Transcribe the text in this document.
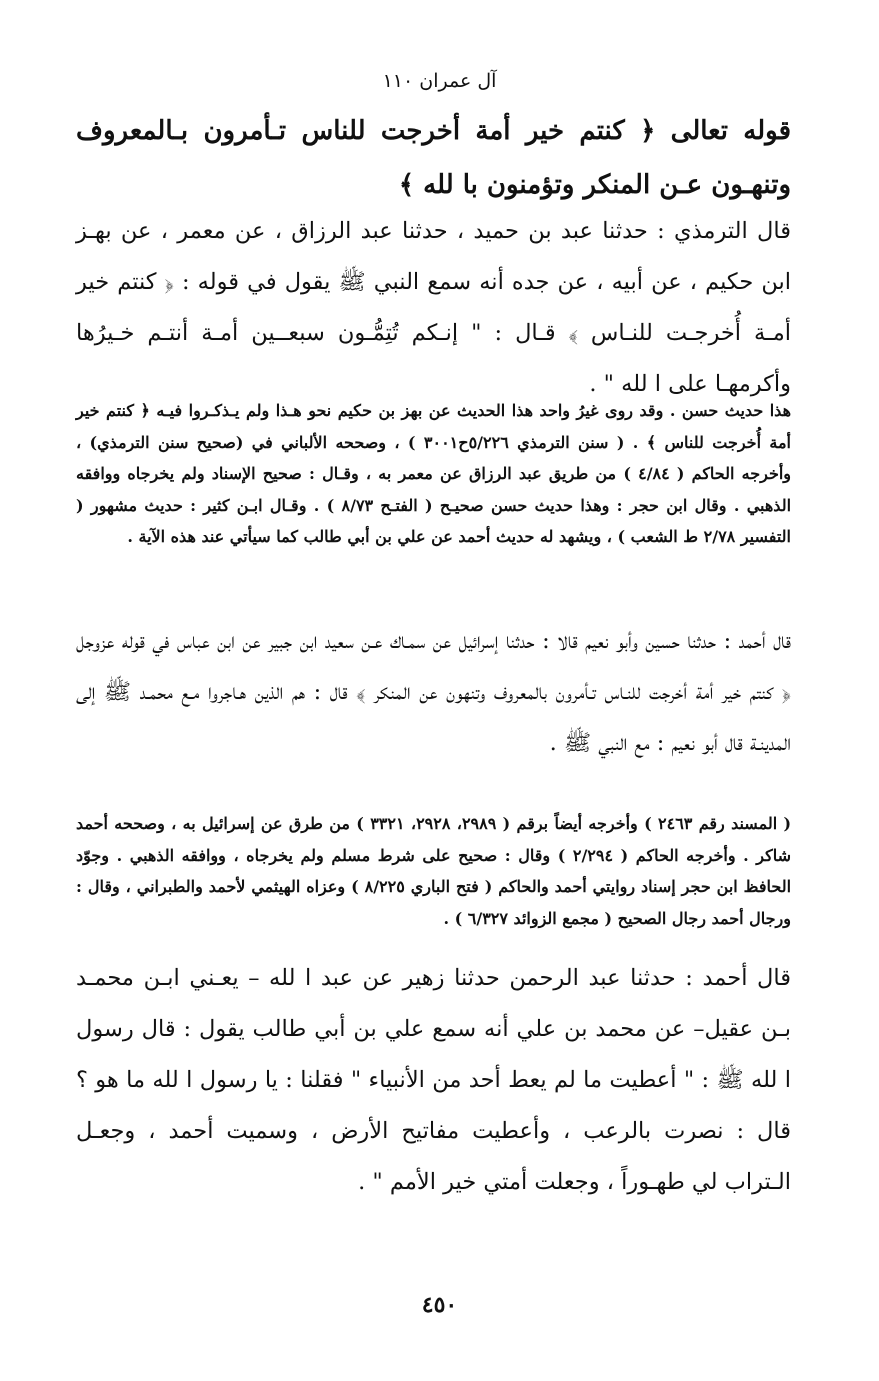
آل عمران ١١٠
قوله تعالى ﴿ كنتم خير أمة أخرجت للناس تـأمرون بـالمعروف وتنهـون عـن المنكر وتؤمنون با لله ﴾

قال الترمذي : حدثنا عبد بن حميد ، حدثنا عبد الرزاق ، عن معمر ، عن بهـز ابن حكيم ، عن أبيه ، عن جده أنه سمع النبي ﷺ يقول في قوله : ﴿ كنتم خير أمـة أُخرجـت للنـاس ﴾ قـال : " إنـكم تُتِمُّـون سبعــين أمـة أنتـم خـيرُها وأكرمهـا على ا لله " .

هذا حديث حسن . وقد روى غيرُ واحد هذا الحديث عن بهز بن حكيم نحو هـذا ولم يـذكـروا فيـه ﴿ كنتم خير أمة أُخرجت للناس ﴾ . ( سنن الترمذي ٥/٢٢٦ح٣٠٠١ ) ، وصححه الألباني في (صحيح سنن الترمذي) ، وأخرجه الحاكم ( ٤/٨٤ ) من طريق عبد الرزاق عن معمر به ، وقـال : صحيح الإسناد ولم يخرجاه ووافقه الذهبي . وقال ابن حجر : وهذا حديث حسن صحيـح ( الفتـح ٨/٧٣ ) . وقـال ابـن كثير : حديث مشهور ( التفسير ٢/٧٨ ط الشعب ) ، ويشهد له حديث أحمد عن علي بن أبي طالب كما سيأتي عند هذه الآية .

قال أحمد : حدثنا حسين وأبو نعيم قالا : حدثنا إسرائيل عن سمـاك عـن سعيد ابن جبير عن ابن عباس في قوله عزوجل ﴿ كنتم خير أمة أخرجت للنـاس تـأمرون بالمعروف وتنهون عن المنكر ﴾ قال : هم الذين هـاجروا مـع محمـد ﷺ إلى المدينـة قال أبو نعيم : مع النبي ﷺ .

( المسند رقم ٢٤٦٣ ) وأخرجه أيضاً برقم ( ٢٩٨٩، ٢٩٢٨، ٣٣٢١ ) من طرق عن إسرائيل به ، وصححه أحمد شاكر . وأخرجه الحاكم ( ٢/٢٩٤ ) وقال : صحيح على شرط مسلم ولم يخرجاه ، ووافقه الذهبي . وجوّد الحافظ ابن حجر إسناد روايتي أحمد والحاكم ( فتح الباري ٨/٢٢٥ ) وعزاه الهيثمي لأحمد والطبراني ، وقال : ورجال أحمد رجال الصحيح ( مجمع الزوائد ٦/٣٢٧ ) .

قال أحمد : حدثنا عبد الرحمن حدثنا زهير عن عبد ا لله – يعـني ابـن محمـد بـن عقيل– عن محمد بن علي أنه سمع علي بن أبي طالب يقول : قال رسول ا لله ﷺ : " أعطيت ما لم يعط أحد من الأنبياء " فقلنا : يا رسول ا لله ما هو ؟ قال : نصرت بالرعب ، وأعطيت مفاتيح الأرض ، وسميت أحمد ، وجعـل الـتراب لي طهـوراً ، وجعلت أمتي خير الأمم " .

٤٥٠
